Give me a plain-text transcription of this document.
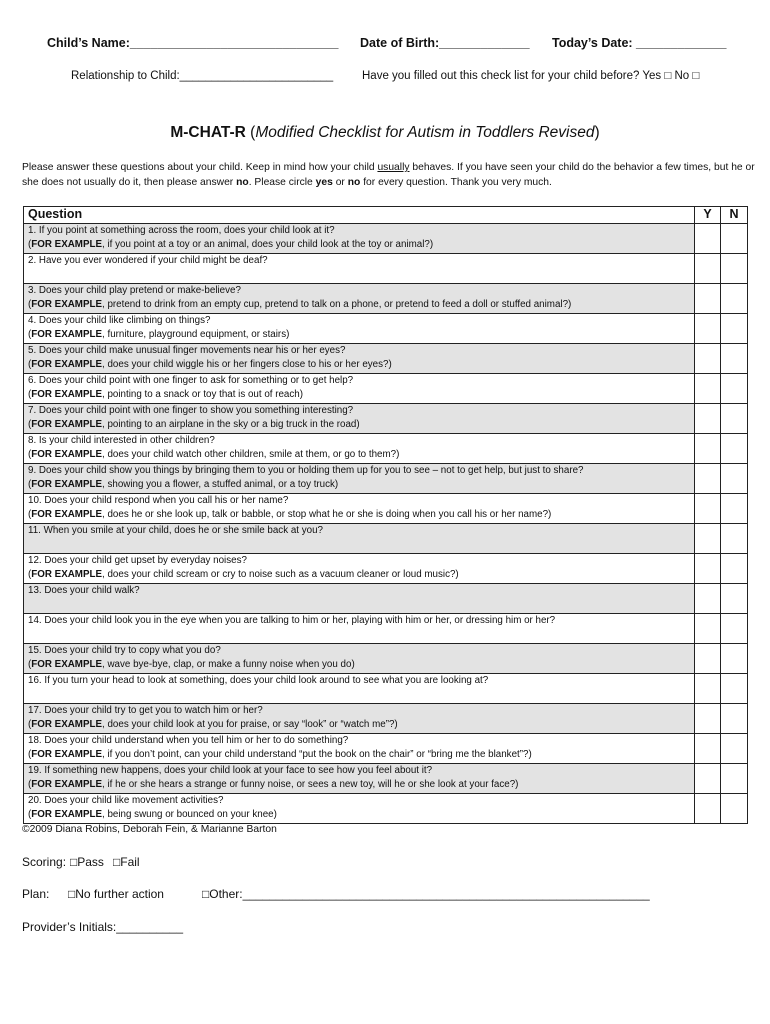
Child’s Name:______________________________ Date of Birth:_____________ Today’s Date: _____________
Relationship to Child:________________________	Have you filled out this check list for your child before? Yes □ No □
M-CHAT-R (Modified Checklist for Autism in Toddlers Revised)
Please answer these questions about your child. Keep in mind how your child usually behaves. If you have seen your child do the behavior a few times, but he or she does not usually do it, then please answer no. Please circle yes or no for every question. Thank you very much.
Question	Y	N

1. If you point at something across the room, does your child look at it?
(FOR EXAMPLE, if you point at a toy or an animal, does your child look at the toy or animal?)		

2. Have you ever wondered if your child might be deaf?		

3. Does your child play pretend or make-believe?
(FOR EXAMPLE, pretend to drink from an empty cup, pretend to talk on a phone, or pretend to feed a doll or stuffed animal?)		

4. Does your child like climbing on things?
(FOR EXAMPLE, furniture, playground equipment, or stairs)		

5. Does your child make unusual finger movements near his or her eyes?
(FOR EXAMPLE, does your child wiggle his or her fingers close to his or her eyes?)		

6. Does your child point with one finger to ask for something or to get help?
(FOR EXAMPLE, pointing to a snack or toy that is out of reach)		

7. Does your child point with one finger to show you something interesting?
(FOR EXAMPLE, pointing to an airplane in the sky or a big truck in the road)		

8. Is your child interested in other children?
(FOR EXAMPLE, does your child watch other children, smile at them, or go to them?)		

9. Does your child show you things by bringing them to you or holding them up for you to see – not to get help, but just to share?
(FOR EXAMPLE, showing you a flower, a stuffed animal, or a toy truck)		

10. Does your child respond when you call his or her name?
(FOR EXAMPLE, does he or she look up, talk or babble, or stop what he or she is doing when you call his or her name?)		

11. When you smile at your child, does he or she smile back at you?		

12. Does your child get upset by everyday noises?
(FOR EXAMPLE, does your child scream or cry to noise such as a vacuum cleaner or loud music?)		

13. Does your child walk?		

14. Does your child look you in the eye when you are talking to him or her, playing with him or her, or dressing him or her?		

15. Does your child try to copy what you do?
(FOR EXAMPLE, wave bye-bye, clap, or make a funny noise when you do)		

16. If you turn your head to look at something, does your child look around to see what you are looking at?		

17. Does your child try to get you to watch him or her?
(FOR EXAMPLE, does your child look at you for praise, or say “look” or “watch me”?)		

18. Does your child understand when you tell him or her to do something?
(FOR EXAMPLE, if you don’t point, can your child understand “put the book on the chair” or “bring me the blanket”?)		

19. If something new happens, does your child look at your face to see how you feel about it?
(FOR EXAMPLE, if he or she hears a strange or funny noise, or sees a new toy, will he or she look at your face?)		

20. Does your child like movement activities?
(FOR EXAMPLE, being swung or bounced on your knee)		

©2009 Diana Robins, Deborah Fein, & Marianne Barton
Scoring: □Pass □Fail
Plan: □No further action	□Other:_____________________________________________________________
Provider’s Initials:__________
